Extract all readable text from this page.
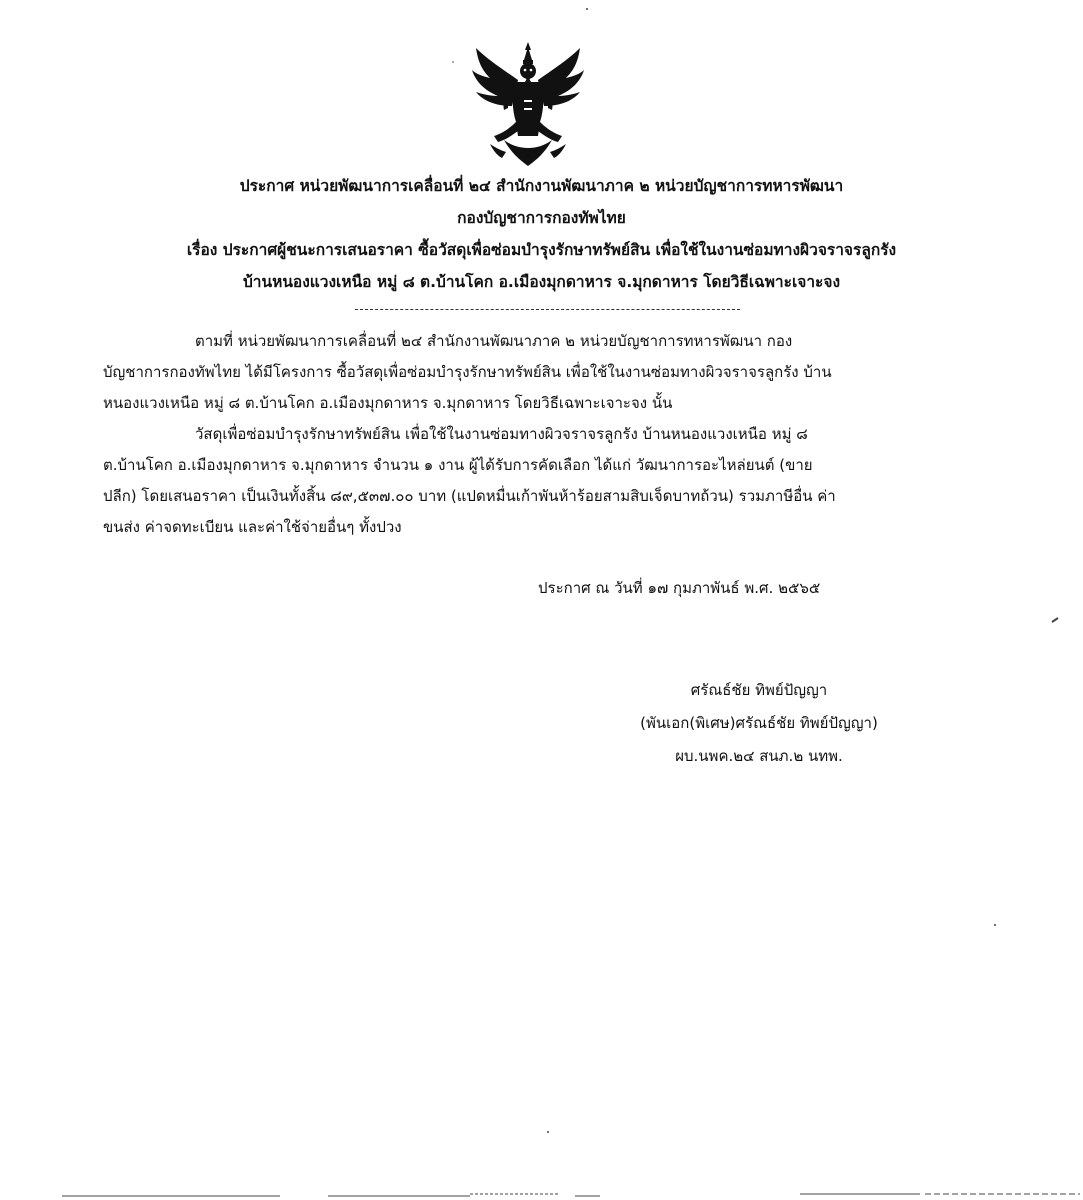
ประกาศ หน่วยพัฒนาการเคลื่อนที่ ๒๔ สำนักงานพัฒนาภาค ๒ หน่วยบัญชาการทหารพัฒนา
กองบัญชาการกองทัพไทย
เรื่อง ประกาศผู้ชนะการเสนอราคา ซื้อวัสดุเพื่อซ่อมบำรุงรักษาทรัพย์สิน เพื่อใช้ในงานซ่อมทางผิวจราจรลูกรัง
บ้านหนองแวงเหนือ หมู่ ๘ ต.บ้านโคก อ.เมืองมุกดาหาร จ.มุกดาหาร โดยวิธีเฉพาะเจาะจง
ตามที่ หน่วยพัฒนาการเคลื่อนที่ ๒๔ สำนักงานพัฒนาภาค ๒ หน่วยบัญชาการทหารพัฒนา กอง
บัญชาการกองทัพไทย ได้มีโครงการ ซื้อวัสดุเพื่อซ่อมบำรุงรักษาทรัพย์สิน เพื่อใช้ในงานซ่อมทางผิวจราจรลูกรัง บ้าน
หนองแวงเหนือ หมู่ ๘ ต.บ้านโคก อ.เมืองมุกดาหาร จ.มุกดาหาร โดยวิธีเฉพาะเจาะจง นั้น
วัสดุเพื่อซ่อมบำรุงรักษาทรัพย์สิน เพื่อใช้ในงานซ่อมทางผิวจราจรลูกรัง บ้านหนองแวงเหนือ หมู่ ๘
ต.บ้านโคก อ.เมืองมุกดาหาร จ.มุกดาหาร จำนวน ๑ งาน ผู้ได้รับการคัดเลือก ได้แก่ วัฒนาการอะไหล่ยนต์ (ขาย
ปลีก) โดยเสนอราคา เป็นเงินทั้งสิ้น ๘๙,๕๓๗.๐๐ บาท (แปดหมื่นเก้าพันห้าร้อยสามสิบเจ็ดบาทถ้วน) รวมภาษีอื่น ค่า
ขนส่ง ค่าจดทะเบียน และค่าใช้จ่ายอื่นๆ ทั้งปวง
ประกาศ ณ วันที่ ๑๗ กุมภาพันธ์ พ.ศ. ๒๕๖๕
ศรัณธ์ชัย ทิพย์ปัญญา
(พันเอก(พิเศษ)ศรัณธ์ชัย ทิพย์ปัญญา)
ผบ.นพค.๒๔ สนภ.๒ นทพ.
